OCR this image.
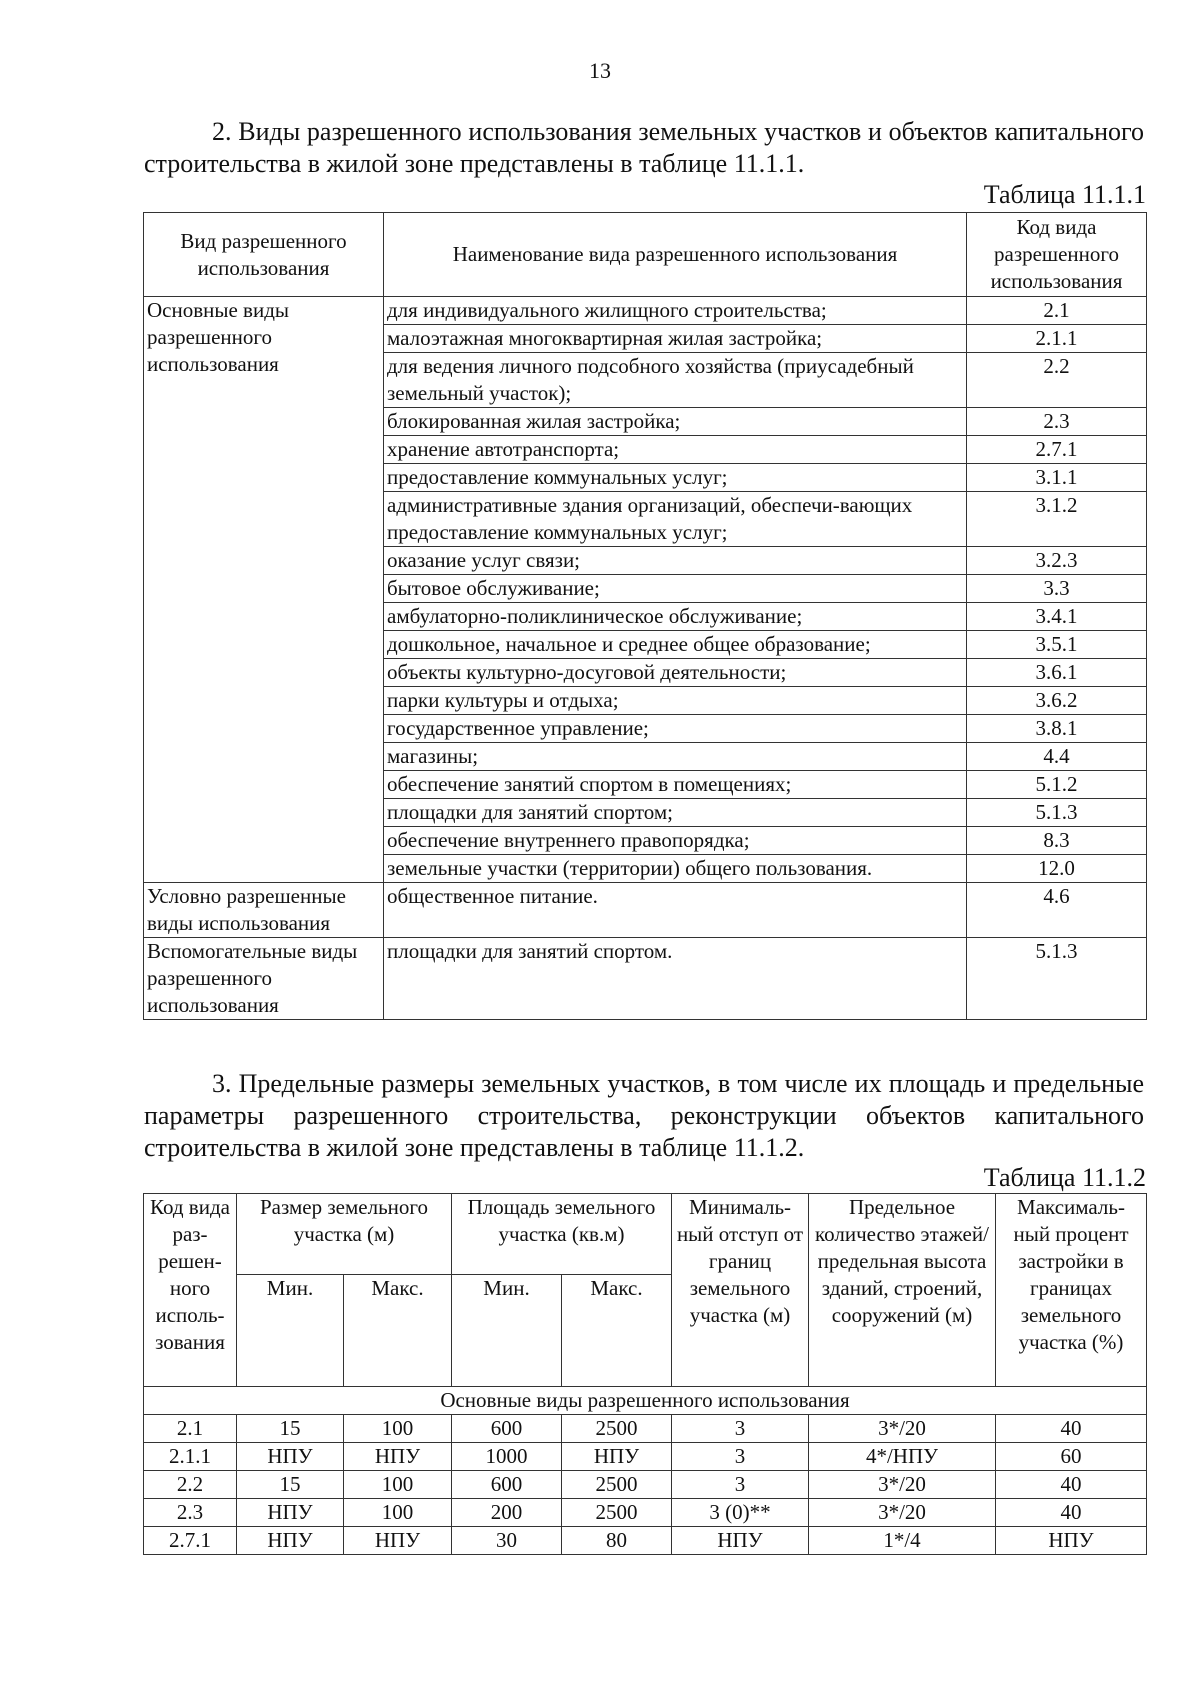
13

2. Виды разрешенного использования земельных участков и объектов капитального строительства в жилой зоне представлены в таблице 11.1.1.

Таблица 11.1.1
Вид разрешенного использования	Наименование вида разрешенного использования	Код вида разрешенного использования
Основные виды разрешенного использования	для индивидуального жилищного строительства;	2.1
	малоэтажная многоквартирная жилая застройка;	2.1.1
	для ведения личного подсобного хозяйства (приусадебный земельный участок);	2.2
	блокированная жилая застройка;	2.3
	хранение автотранспорта;	2.7.1
	предоставление коммунальных услуг;	3.1.1
	административные здания организаций, обеспечи-вающих предоставление коммунальных услуг;	3.1.2
	оказание услуг связи;	3.2.3
	бытовое обслуживание;	3.3
	амбулаторно-поликлиническое обслуживание;	3.4.1
	дошкольное, начальное и среднее общее образование;	3.5.1
	объекты культурно-досуговой деятельности;	3.6.1
	парки культуры и отдыха;	3.6.2
	государственное управление;	3.8.1
	магазины;	4.4
	обеспечение занятий спортом в помещениях;	5.1.2
	площадки для занятий спортом;	5.1.3
	обеспечение внутреннего правопорядка;	8.3
	земельные участки (территории) общего пользования.	12.0
Условно разрешенные виды использования	общественное питание.	4.6
Вспомогательные виды разрешенного использования	площадки для занятий спортом.	5.1.3

3. Предельные размеры земельных участков, в том числе их площадь и предельные параметры разрешенного строительства, реконструкции объектов капитального строительства в жилой зоне представлены в таблице 11.1.2.

Таблица 11.1.2
Код вида раз-решен-ного исполь-зования	Размер земельного участка (м)		Площадь земельного участка (кв.м)		Минималь-ный отступ от границ земельного участка (м)	Предельное количество этажей/ предельная высота зданий, строений, сооружений (м)	Максималь-ный процент застройки в границах земельного участка (%)
	Мин.	Макс.	Мин.	Макс.			
Основные виды разрешенного использования							
2.1	15	100	600	2500	3	3*/20	40
2.1.1	НПУ	НПУ	1000	НПУ	3	4*/НПУ	60
2.2	15	100	600	2500	3	3*/20	40
2.3	НПУ	100	200	2500	3 (0)**	3*/20	40
2.7.1	НПУ	НПУ	30	80	НПУ	1*/4	НПУ
